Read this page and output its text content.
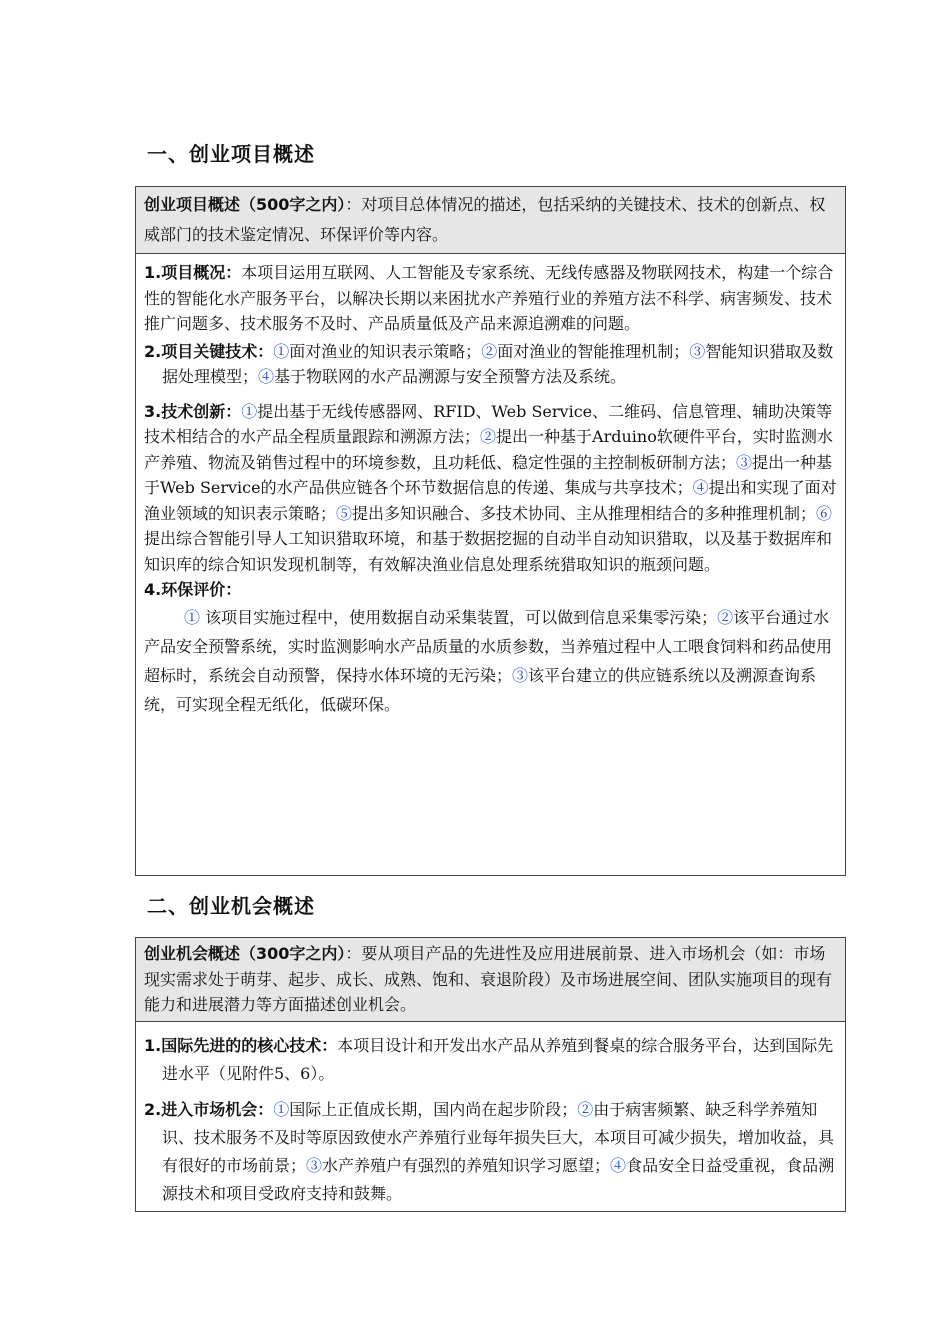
一、创业项目概述
创业项目概述（500字之内）：对项目总体情况的描述，包括采纳的关键技术、技术的创新点、权威部门的技术鉴定情况、环保评价等内容。

1.项目概况：本项目运用互联网、人工智能及专家系统、无线传感器及物联网技术，构建一个综合性的智能化水产服务平台，以解决长期以来困扰水产养殖行业的养殖方法不科学、病害频发、技术推广问题多、技术服务不及时、产品质量低及产品来源追溯难的问题。

2.项目关键技术：①面对渔业的知识表示策略；②面对渔业的智能推理机制；③智能知识猎取及数据处理模型；④基于物联网的水产品溯源与安全预警方法及系统。

3.技术创新：①提出基于无线传感器网、RFID、Web Service、二维码、信息管理、辅助决策等技术相结合的水产品全程质量跟踪和溯源方法；②提出一种基于Arduino软硬件平台，实时监测水产养殖、物流及销售过程中的环境参数，且功耗低、稳定性强的主控制板研制方法；③提出一种基于Web Service的水产品供应链各个环节数据信息的传递、集成与共享技术；④提出和实现了面对渔业领域的知识表示策略；⑤提出多知识融合、多技术协同、主从推理相结合的多种推理机制；⑥提出综合智能引导人工知识猎取环境，和基于数据挖掘的自动半自动知识猎取，以及基于数据库和知识库的综合知识发现机制等，有效解决渔业信息处理系统猎取知识的瓶颈问题。

4.环保评价：

① 该项目实施过程中，使用数据自动采集装置，可以做到信息采集零污染；②该平台通过水产品安全预警系统，实时监测影响水产品质量的水质参数，当养殖过程中人工喂食饲料和药品使用超标时，系统会自动预警，保持水体环境的无污染；③该平台建立的供应链系统以及溯源查询系统，可实现全程无纸化，低碳环保。

二、创业机会概述
创业机会概述（300字之内）：要从项目产品的先进性及应用进展前景、进入市场机会（如：市场现实需求处于萌芽、起步、成长、成熟、饱和、衰退阶段）及市场进展空间、团队实施项目的现有能力和进展潜力等方面描述创业机会。

1.国际先进的的核心技术：本项目设计和开发出水产品从养殖到餐桌的综合服务平台，达到国际先进水平（见附件5、6）。

2.进入市场机会：①国际上正值成长期，国内尚在起步阶段；②由于病害频繁、缺乏科学养殖知识、技术服务不及时等原因致使水产养殖行业每年损失巨大，本项目可减少损失，增加收益，具有很好的市场前景；③水产养殖户有强烈的养殖知识学习愿望；④食品安全日益受重视，食品溯源技术和项目受政府支持和鼓舞。
